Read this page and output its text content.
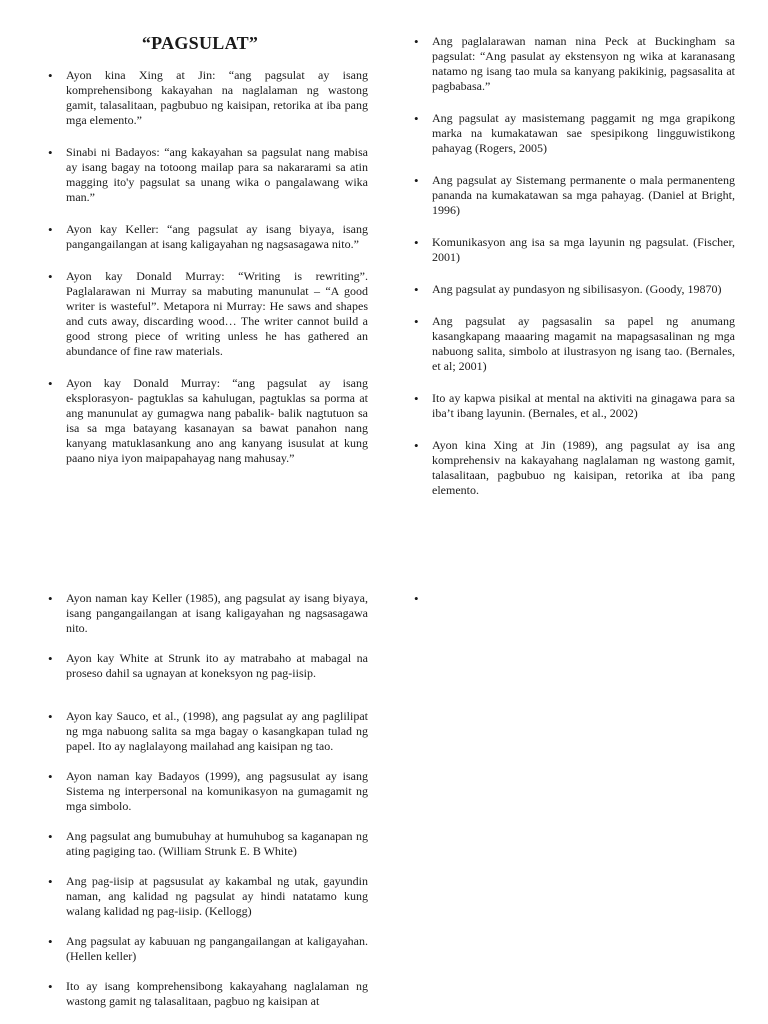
“PAGSULAT”
• Ayon kina Xing at Jin: “ang pagsulat ay isang komprehensibong kakayahan na naglalaman ng wastong gamit, talasalitaan, pagbubuo ng kaisipan, retorika at iba pang mga elemento.”
• Sinabi ni Badayos: “ang kakayahan sa pagsulat nang mabisa ay isang bagay na totoong mailap para sa nakararami sa atin magging ito'y pagsulat sa unang wika o pangalawang wika man.”
• Ayon kay Keller: “ang pagsulat ay isang biyaya, isang pangangailangan at isang kaligayahan ng nagsasagawa nito.”
• Ayon kay Donald Murray: “Writing is rewriting”. Paglalarawan ni Murray sa mabuting manunulat – “A good writer is wasteful”. Metapora ni Murray: He saws and shapes and cuts away, discarding wood… The writer cannot build a good strong piece of writing unless he has gathered an abundance of fine raw materials.
• Ayon kay Donald Murray: “ang pagsulat ay isang eksplorasyon- pagtuklas sa kahulugan, pagtuklas sa porma at ang manunulat ay gumagwa nang pabalik- balik nagtutuon sa isa sa mga batayang kasanayan sa bawat panahon nang kanyang matuklasankung ano ang kanyang isusulat at kung paano niya iyon maipapahayag nang mahusay.”
• Ang paglalarawan naman nina Peck at Buckingham sa pagsulat: “Ang pasulat ay ekstensyon ng wika at karanasang natamo ng isang tao mula sa kanyang pakikinig, pagsasalita at pagbabasa.”
• Ang pagsulat ay masistemang paggamit ng mga grapikong marka na kumakatawan sae spesipikong lingguwistikong pahayag (Rogers, 2005)
• Ang pagsulat ay Sistemang permanente o mala permanenteng pananda na kumakatawan sa mga pahayag. (Daniel at Bright, 1996)
• Komunikasyon ang isa sa mga layunin ng pagsulat. (Fischer, 2001)
• Ang pagsulat ay pundasyon ng sibilisasyon. (Goody, 19870)
• Ang pagsulat ay pagsasalin sa papel ng anumang kasangkapang maaaring magamit na mapagsasalinan ng mga nabuong salita, simbolo at ilustrasyon ng isang tao. (Bernales, et al; 2001)
• Ito ay kapwa pisikal at mental na aktiviti na ginagawa para sa iba’t ibang layunin. (Bernales, et al., 2002)
• Ayon kina Xing at Jin (1989), ang pagsulat ay isa ang komprehensiv na kakayahang naglalaman ng wastong gamit, talasalitaan, pagbubuo ng kaisipan, retorika at iba pang elemento.
• Ayon naman kay Keller (1985), ang pagsulat ay isang biyaya, isang pangangailangan at isang kaligayahan ng nagsasagawa nito.
• Ayon kay White at Strunk ito ay matrabaho at mabagal na proseso dahil sa ugnayan at koneksyon ng pag-iisip.
• Ayon kay Sauco, et al., (1998), ang pagsulat ay ang paglilipat ng mga nabuong salita sa mga bagay o kasangkapan tulad ng papel. Ito ay naglalayong mailahad ang kaisipan ng tao.
• Ayon naman kay Badayos (1999), ang pagsusulat ay isang Sistema ng interpersonal na komunikasyon na gumagamit ng mga simbolo.
• Ang pagsulat ang bumubuhay at humuhubog sa kaganapan ng ating pagiging tao. (William Strunk E. B White)
• Ang pag-iisip at pagsusulat ay kakambal ng utak, gayundin naman, ang kalidad ng pagsulat ay hindi natatamo kung walang kalidad ng pag-iisip. (Kellogg)
• Ang pagsulat ay kabuuan ng pangangailangan at kaligayahan. (Hellen keller)
• Ito ay isang komprehensibong kakayahang naglalaman ng wastong gamit ng talasalitaan, pagbuo ng kaisipan at
